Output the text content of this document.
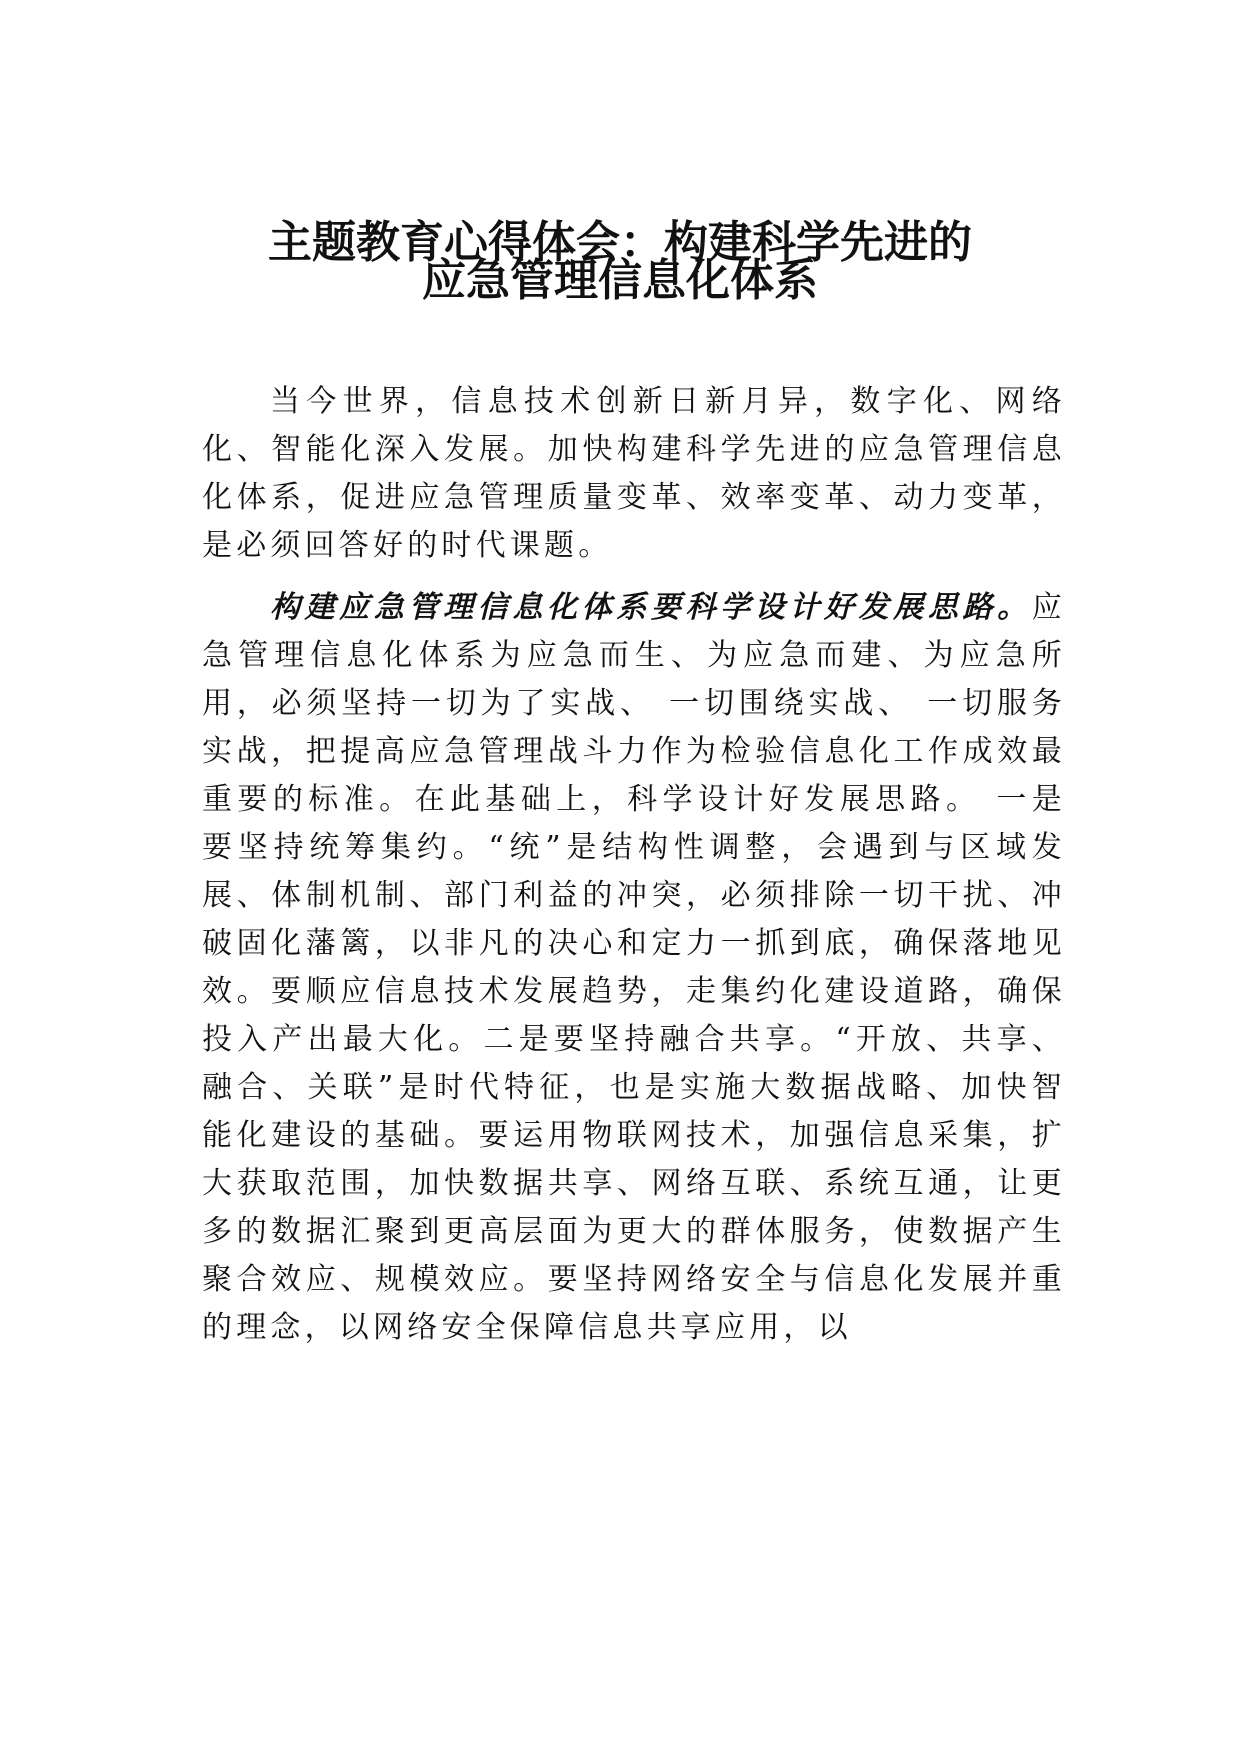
主题教育心得体会：构建科学先进的
应急管理信息化体系

当今世界，信息技术创新日新月异，数字化、网络化、智能化深入发展。加快构建科学先进的应急管理信息化体系，促进应急管理质量变革、效率变革、动力变革，是必须回答好的时代课题。

构建应急管理信息化体系要科学设计好发展思路。应急管理信息化体系为应急而生、为应急而建、为应急所用，必须坚持一切为了实战、 一切围绕实战、 一切服务实战，把提高应急管理战斗力作为检验信息化工作成效最重要的标准。在此基础上，科学设计好发展思路。 一是要坚持统筹集约。“统”是结构性调整，会遇到与区域发展、体制机制、部门利益的冲突，必须排除一切干扰、冲破固化藩篱，以非凡的决心和定力一抓到底，确保落地见效。要顺应信息技术发展趋势，走集约化建设道路，确保投入产出最大化。二是要坚持融合共享。“开放、共享、融合、关联”是时代特征，也是实施大数据战略、加快智能化建设的基础。要运用物联网技术，加强信息采集，扩大获取范围，加快数据共享、网络互联、系统互通，让更多的数据汇聚到更高层面为更大的群体服务，使数据产生聚合效应、规模效应。要坚持网络安全与信息化发展并重的理念，以网络安全保障信息共享应用，以
